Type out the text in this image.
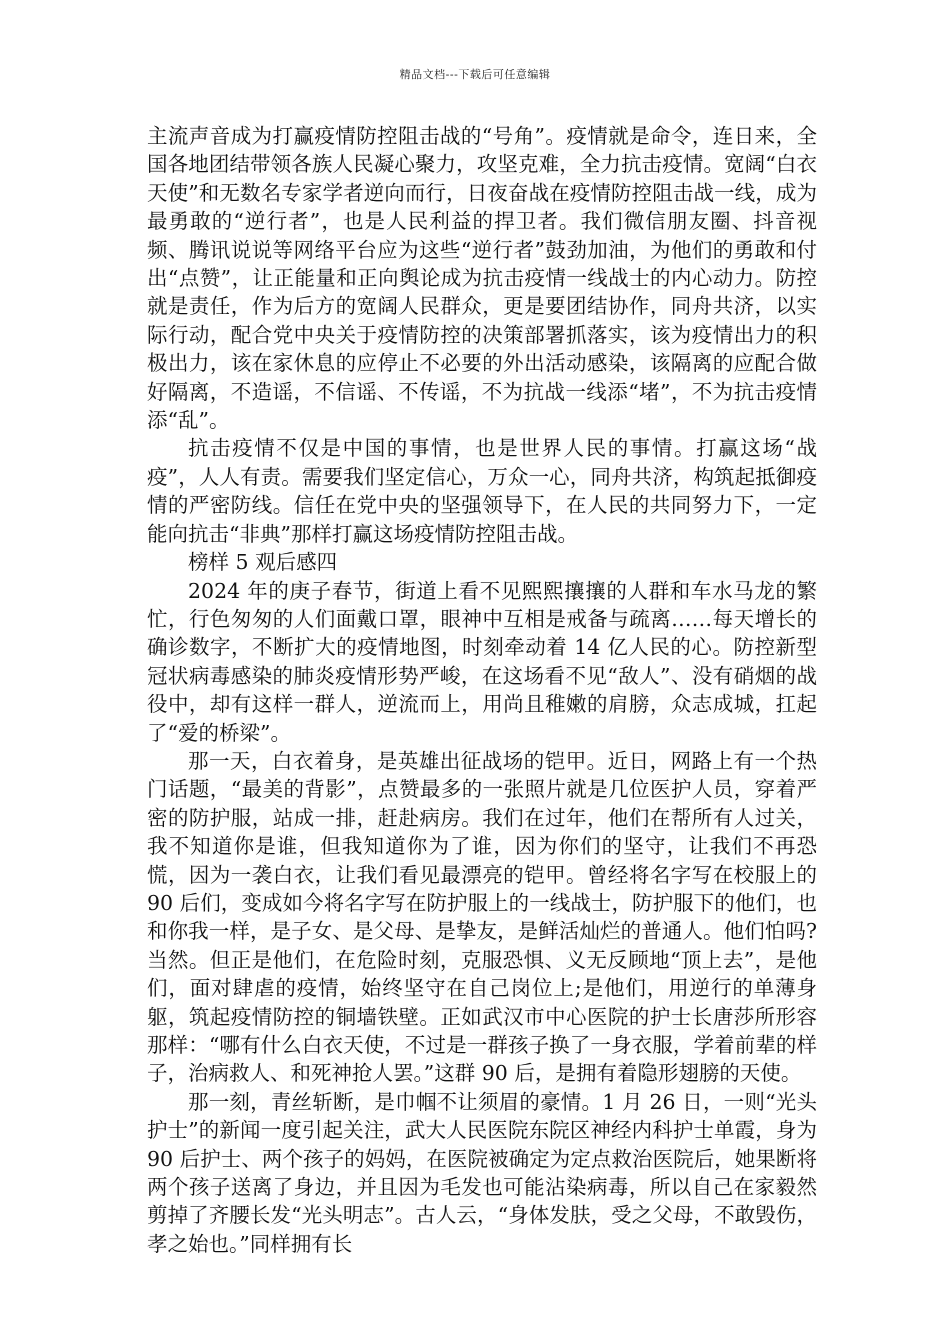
精品文档---下载后可任意编辑

主流声音成为打赢疫情防控阻击战的“号角”。疫情就是命令，连日来，全国各地团结带领各族人民凝心聚力，攻坚克难，全力抗击疫情。宽阔“白衣天使”和无数名专家学者逆向而行，日夜奋战在疫情防控阻击战一线，成为最勇敢的“逆行者”，也是人民利益的捍卫者。我们微信朋友圈、抖音视频、腾讯说说等网络平台应为这些“逆行者”鼓劲加油，为他们的勇敢和付出“点赞”，让正能量和正向舆论成为抗击疫情一线战士的内心动力。防控就是责任，作为后方的宽阔人民群众，更是要团结协作，同舟共济，以实际行动，配合党中央关于疫情防控的决策部署抓落实，该为疫情出力的积极出力，该在家休息的应停止不必要的外出活动感染，该隔离的应配合做好隔离，不造谣，不信谣、不传谣，不为抗战一线添“堵”，不为抗击疫情添“乱”。

抗击疫情不仅是中国的事情，也是世界人民的事情。打赢这场“战疫”，人人有责。需要我们坚定信心，万众一心，同舟共济，构筑起抵御疫情的严密防线。信任在党中央的坚强领导下，在人民的共同努力下，一定能向抗击“非典”那样打赢这场疫情防控阻击战。

榜样 5 观后感四

2024 年的庚子春节，街道上看不见熙熙攘攘的人群和车水马龙的繁忙，行色匆匆的人们面戴口罩，眼神中互相是戒备与疏离……每天增长的确诊数字，不断扩大的疫情地图，时刻牵动着 14 亿人民的心。防控新型冠状病毒感染的肺炎疫情形势严峻，在这场看不见“敌人”、没有硝烟的战役中，却有这样一群人，逆流而上，用尚且稚嫩的肩膀，众志成城，扛起了“爱的桥梁”。

那一天，白衣着身，是英雄出征战场的铠甲。近日，网路上有一个热门话题，“最美的背影”，点赞最多的一张照片就是几位医护人员，穿着严密的防护服，站成一排，赶赴病房。我们在过年，他们在帮所有人过关，我不知道你是谁，但我知道你为了谁，因为你们的坚守，让我们不再恐慌，因为一袭白衣，让我们看见最漂亮的铠甲。曾经将名字写在校服上的 90 后们，变成如今将名字写在防护服上的一线战士，防护服下的他们，也和你我一样，是子女、是父母、是挚友，是鲜活灿烂的普通人。他们怕吗?当然。但正是他们，在危险时刻，克服恐惧、义无反顾地“顶上去”，是他们，面对肆虐的疫情，始终坚守在自己岗位上;是他们，用逆行的单薄身躯，筑起疫情防控的铜墙铁壁。正如武汉市中心医院的护士长唐莎所形容那样：“哪有什么白衣天使，不过是一群孩子换了一身衣服，学着前辈的样子，治病救人、和死神抢人罢。”这群 90 后，是拥有着隐形翅膀的天使。

那一刻，青丝斩断，是巾帼不让须眉的豪情。1 月 26 日，一则“光头护士”的新闻一度引起关注，武大人民医院东院区神经内科护士单霞，身为 90 后护士、两个孩子的妈妈，在医院被确定为定点救治医院后，她果断将两个孩子送离了身边，并且因为毛发也可能沾染病毒，所以自己在家毅然剪掉了齐腰长发“光头明志”。古人云，“身体发肤，受之父母，不敢毁伤，孝之始也。”同样拥有长
